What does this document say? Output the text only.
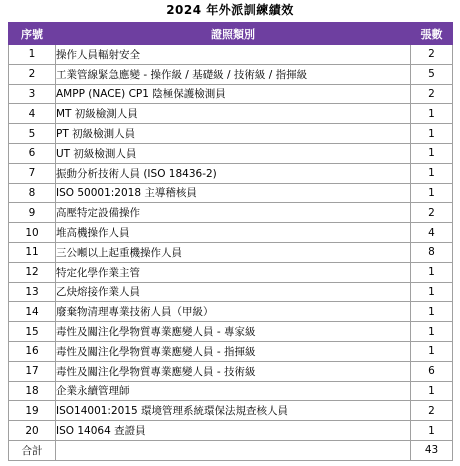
2024 年外派訓練績效
序號	證照類別	張數
1	操作人員輻射安全	2
2	工業管線緊急應變 - 操作級 / 基礎級 / 技術級 / 指揮級	5
3	AMPP (NACE) CP1 陰極保護檢測員	2
4	MT 初級檢測人員	1
5	PT 初級檢測人員	1
6	UT 初級檢測人員	1
7	振動分析技術人員 (ISO 18436-2)	1
8	ISO 50001:2018 主導稽核員	1
9	高壓特定設備操作	2
10	堆高機操作人員	4
11	三公噸以上起重機操作人員	8
12	特定化學作業主管	1
13	乙炔熔接作業人員	1
14	廢棄物清理專業技術人員（甲級）	1
15	毒性及關注化學物質專業應變人員 - 專家級	1
16	毒性及關注化學物質專業應變人員 - 指揮級	1
17	毒性及關注化學物質專業應變人員 - 技術級	6
18	企業永續管理師	1
19	ISO14001:2015 環境管理系統環保法規查核人員	2
20	ISO 14064 查證員	1
合計		43
